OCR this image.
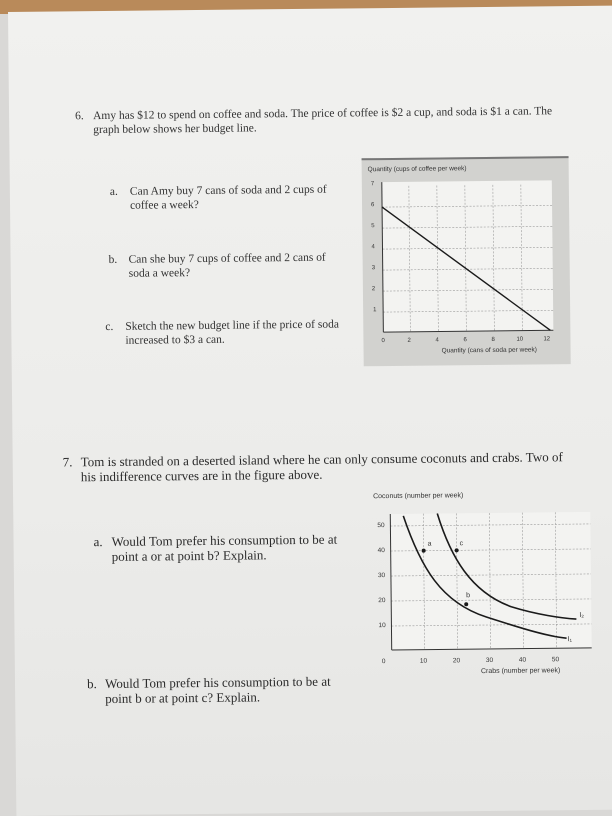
6. Amy has $12 to spend on coffee and soda. The price of coffee is $2 a cup, and soda is $1 a can. The
graph below shows her budget line.
a. Can Amy buy 7 cans of soda and 2 cups of
coffee a week?
b. Can she buy 7 cups of coffee and 2 cans of
soda a week?
c. Sketch the new budget line if the price of soda
increased to $3 a can.
Quantity (cups of coffee per week)
Quantity (cans of soda per week)
7
6
5
4
3
2
1
0	2	4	6	8	10	12
7. Tom is stranded on a deserted island where he can only consume coconuts and crabs. Two of
his indifference curves are in the figure above.
a. Would Tom prefer his consumption to be at
point a or at point b? Explain.
b. Would Tom prefer his consumption to be at
point b or at point c? Explain.
Coconuts (number per week)
Crabs (number per week)
50
40
30
20
10
0	10	20	30	40	50
a
b
c
I₂
I₁
